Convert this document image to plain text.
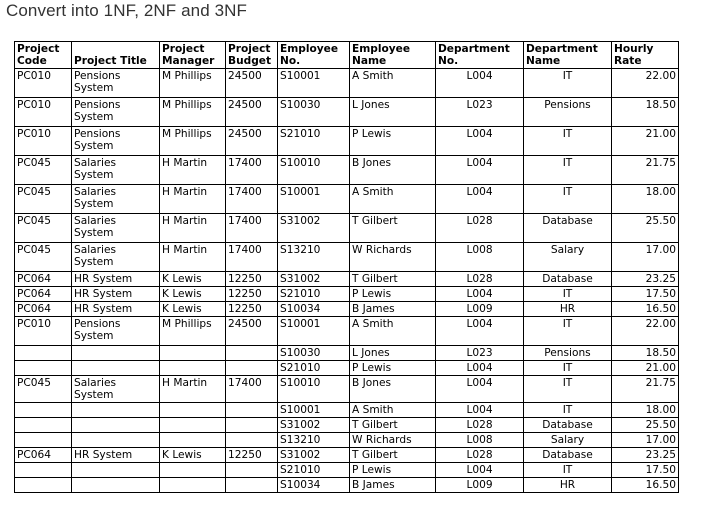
Convert into 1NF, 2NF and 3NF
Project Code	Project Title	Project Manager	Project Budget	Employee No.	Employee Name	Department No.	Department Name	Hourly Rate
PC010	Pensions System	M Phillips	24500	S10001	A Smith	L004	IT	22.00
PC010	Pensions System	M Phillips	24500	S10030	L Jones	L023	Pensions	18.50
PC010	Pensions System	M Phillips	24500	S21010	P Lewis	L004	IT	21.00
PC045	Salaries System	H Martin	17400	S10010	B Jones	L004	IT	21.75
PC045	Salaries System	H Martin	17400	S10001	A Smith	L004	IT	18.00
PC045	Salaries System	H Martin	17400	S31002	T Gilbert	L028	Database	25.50
PC045	Salaries System	H Martin	17400	S13210	W Richards	L008	Salary	17.00
PC064	HR System	K Lewis	12250	S31002	T Gilbert	L028	Database	23.25
PC064	HR System	K Lewis	12250	S21010	P Lewis	L004	IT	17.50
PC064	HR System	K Lewis	12250	S10034	B James	L009	HR	16.50
PC010	Pensions System	M Phillips	24500	S10001	A Smith	L004	IT	22.00
				S10030	L Jones	L023	Pensions	18.50
				S21010	P Lewis	L004	IT	21.00
PC045	Salaries System	H Martin	17400	S10010	B Jones	L004	IT	21.75
				S10001	A Smith	L004	IT	18.00
				S31002	T Gilbert	L028	Database	25.50
				S13210	W Richards	L008	Salary	17.00
PC064	HR System	K Lewis	12250	S31002	T Gilbert	L028	Database	23.25
				S21010	P Lewis	L004	IT	17.50
				S10034	B James	L009	HR	16.50
